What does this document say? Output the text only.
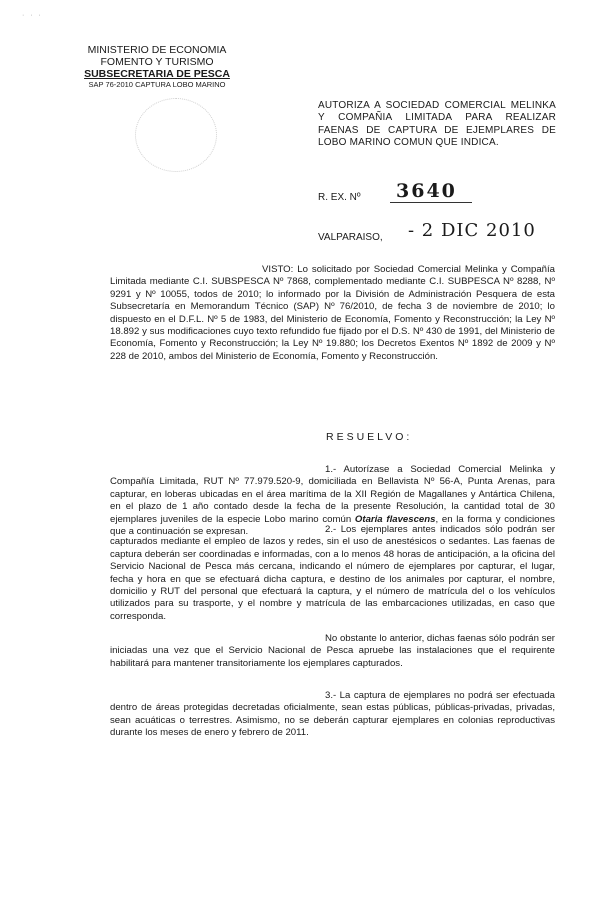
· · ·
MINISTERIO DE ECONOMIA
FOMENTO Y TURISMO
SUBSECRETARIA DE PESCA
SAP 76-2010 CAPTURA LOBO MARINO
AUTORIZA A SOCIEDAD COMERCIAL MELINKA Y COMPAÑIA LIMITADA PARA REALIZAR FAENAS DE CAPTURA DE EJEMPLARES DE LOBO MARINO COMUN QUE INDICA.
R. EX. Nº 3640
VALPARAISO, - 2 DIC 2010
VISTO: Lo solicitado por Sociedad Comercial Melinka y Compañía Limitada mediante C.I. SUBSPESCA Nº 7868, complementado mediante C.I. SUBPESCA Nº 8288, Nº 9291 y Nº 10055, todos de 2010; lo informado por la División de Administración Pesquera de esta Subsecretaría en Memorandum Técnico (SAP) Nº 76/2010, de fecha 3 de noviembre de 2010; lo dispuesto en el D.F.L. Nº 5 de 1983, del Ministerio de Economía, Fomento y Reconstrucción; la Ley Nº 18.892 y sus modificaciones cuyo texto refundido fue fijado por el D.S. Nº 430 de 1991, del Ministerio de Economía, Fomento y Reconstrucción; la Ley Nº 19.880; los Decretos Exentos Nº 1892 de 2009 y Nº 228 de 2010, ambos del Ministerio de Economía, Fomento y Reconstrucción.
RESUELVO:
1.- Autorízase a Sociedad Comercial Melinka y Compañía Limitada, RUT Nº 77.979.520-9, domiciliada en Bellavista Nº 56-A, Punta Arenas, para capturar, en loberas ubicadas en el área marítima de la XII Región de Magallanes y Antártica Chilena, en el plazo de 1 año contado desde la fecha de la presente Resolución, la cantidad total de 30 ejemplares juveniles de la especie Lobo marino común Otaria flavescens, en la forma y condiciones que a continuación se expresan.	2.- Los ejemplares antes indicados sólo podrán ser capturados mediante el empleo de lazos y redes, sin el uso de anestésicos o sedantes. Las faenas de captura deberán ser coordinadas e informadas, con a lo menos 48 horas de anticipación, a la oficina del Servicio Nacional de Pesca más cercana, indicando el número de ejemplares por capturar, el lugar, fecha y hora en que se efectuará dicha captura, e destino de los animales por capturar, el nombre, domicilio y RUT del personal que efectuará la captura, y el número de matrícula del o los vehículos utilizados para su trasporte, y el nombre y matrícula de las embarcaciones utilizadas, en caso que corresponda.
No obstante lo anterior, dichas faenas sólo podrán ser iniciadas una vez que el Servicio Nacional de Pesca apruebe las instalaciones que el requirente habilitará para mantener transitoriamente los ejemplares capturados.
3.- La captura de ejemplares no podrá ser efectuada dentro de áreas protegidas decretadas oficialmente, sean estas públicas, públicas-privadas, privadas, sean acuáticas o terrestres. Asimismo, no se deberán capturar ejemplares en colonias reproductivas durante los meses de enero y febrero de 2011.
